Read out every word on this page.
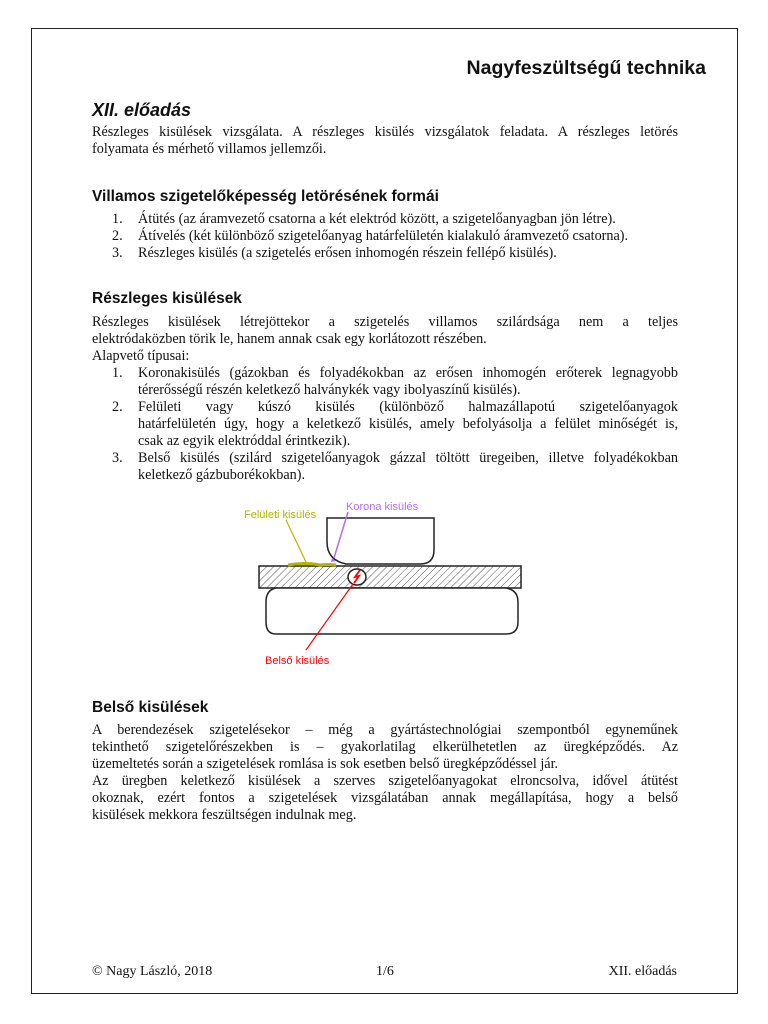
Nagyfeszültségű technika
XII. előadás
Részleges kisülések vizsgálata. A részleges kisülés vizsgálatok feladata. A részleges letörés
folyamata és mérhető villamos jellemzői.
Villamos szigetelőképesség letörésének formái
1.	Átütés (az áramvezető csatorna a két elektród között, a szigetelőanyagban jön létre).
2.	Átívelés (két különböző szigetelőanyag határfelületén kialakuló áramvezető csatorna).
3.	Részleges kisülés (a szigetelés erősen inhomogén részein fellépő kisülés).
Részleges kisülések
Részleges kisülések létrejöttekor a szigetelés villamos szilárdsága nem a teljes
elektródaközben törik le, hanem annak csak egy korlátozott részében.
Alapvető típusai:
1.	Koronakisülés (gázokban és folyadékokban az erősen inhomogén erőterek legnagyobb
térerősségű részén keletkező halványkék vagy ibolyaszínű kisülés).
2.	Felületi vagy kúszó kisülés (különböző halmazállapotú szigetelőanyagok
határfelületén úgy, hogy a keletkező kisülés, amely befolyásolja a felület minőségét is,
csak az egyik elektróddal érintkezik).
3.	Belső kisülés (szilárd szigetelőanyagok gázzal töltött üregeiben, illetve folyadékokban
keletkező gázbuborékokban).
Felületi kisülés
Korona kisülés
Belső kisülés
Belső kisülések
A berendezések szigetelésekor – még a gyártástechnológiai szempontból egyneműnek
tekinthető szigetelőrészekben is – gyakorlatilag elkerülhetetlen az üregképződés. Az
üzemeltetés során a szigetelések romlása is sok esetben belső üregképződéssel jár.
Az üregben keletkező kisülések a szerves szigetelőanyagokat elroncsolva, idővel átütést
okoznak, ezért fontos a szigetelések vizsgálatában annak megállapítása, hogy a belső
kisülések mekkora feszültségen indulnak meg.
© Nagy László, 2018	1/6	XII. előadás
